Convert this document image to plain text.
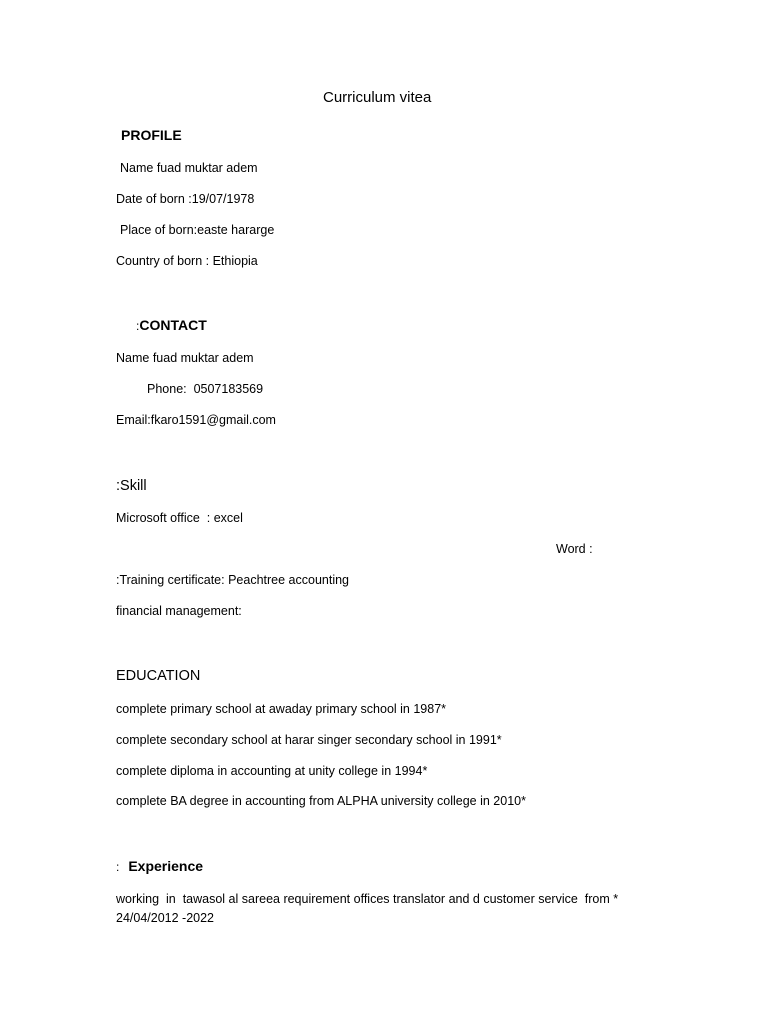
Curriculum vitea
PROFILE
Name fuad muktar adem
Date of born :19/07/1978
Place of born:easte hararge
Country of born : Ethiopia
:CONTACT
Name fuad muktar adem
Phone:  0507183569
Email:fkaro1591@gmail.com
:Skill
Microsoft office  : excel
Word :
:Training certificate: Peachtree accounting
financial management:
EDUCATION
complete primary school at awaday primary school in 1987*
complete secondary school at harar singer secondary school in 1991*
complete diploma in accounting at unity college in 1994*
complete BA degree in accounting from ALPHA university college in 2010*
: Experience
working  in  tawasol al sareea requirement offices translator and d customer service  from *
24/04/2012 -2022
